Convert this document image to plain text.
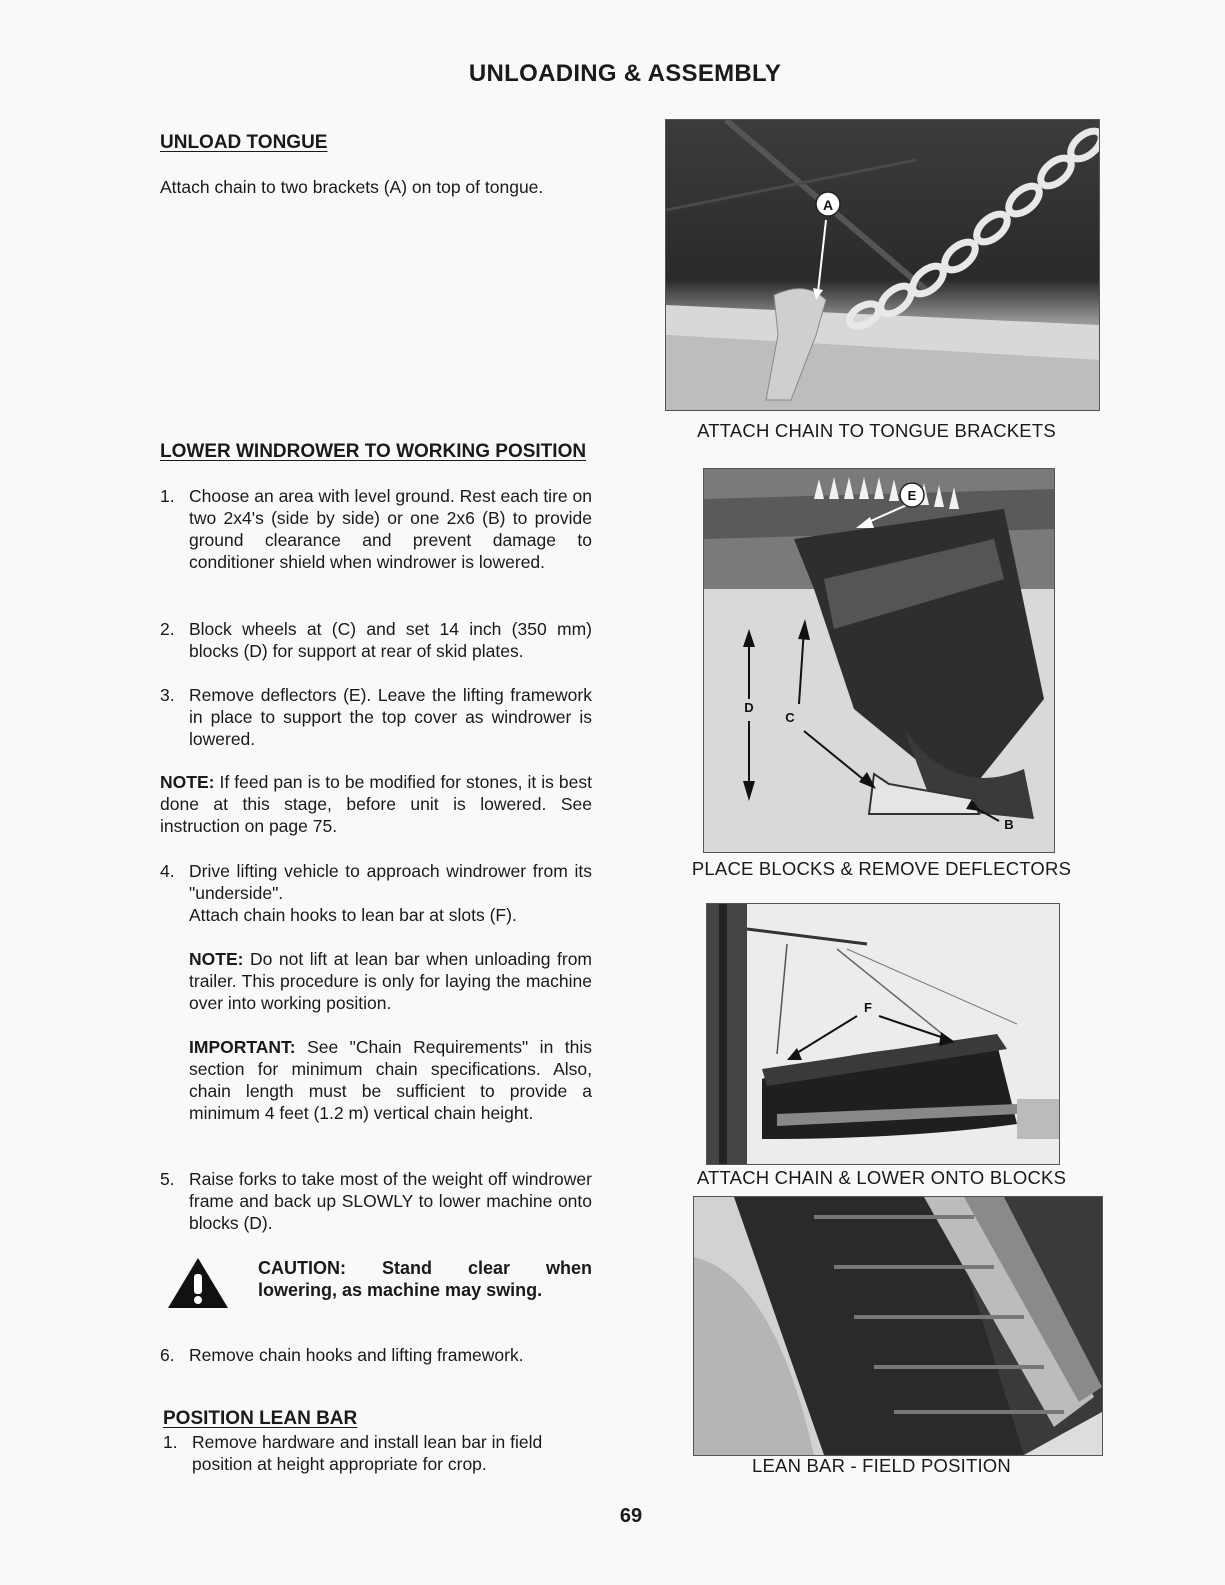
UNLOADING & ASSEMBLY
UNLOAD TONGUE
Attach chain to two brackets (A) on top of tongue.
LOWER WINDROWER TO WORKING POSITION
1. Choose an area with level ground. Rest each tire on two 2x4's (side by side) or one 2x6 (B) to provide ground clearance and prevent damage to conditioner shield when windrower is lowered.
2. Block wheels at (C) and set 14 inch (350 mm) blocks (D) for support at rear of skid plates.
3. Remove deflectors (E). Leave the lifting framework in place to support the top cover as windrower is lowered.
NOTE: If feed pan is to be modified for stones, it is best done at this stage, before unit is lowered. See instruction on page 75.
4. Drive lifting vehicle to approach windrower from its "underside".
Attach chain hooks to lean bar at slots (F).
NOTE: Do not lift at lean bar when unloading from trailer. This procedure is only for laying the machine over into working position.
IMPORTANT: See "Chain Requirements" in this section for minimum chain specifications. Also, chain length must be sufficient to provide a minimum 4 feet (1.2 m) vertical chain height.
5. Raise forks to take most of the weight off windrower frame and back up SLOWLY to lower machine onto blocks (D).
CAUTION: Stand clear when
lowering, as machine may swing.
6. Remove chain hooks and lifting framework.
POSITION LEAN BAR
1. Remove hardware and install lean bar in field position at height appropriate for crop.
A
ATTACH CHAIN TO TONGUE BRACKETS
D
C
E
B
PLACE BLOCKS & REMOVE DEFLECTORS
F
ATTACH CHAIN & LOWER ONTO BLOCKS
LEAN BAR - FIELD POSITION
69
